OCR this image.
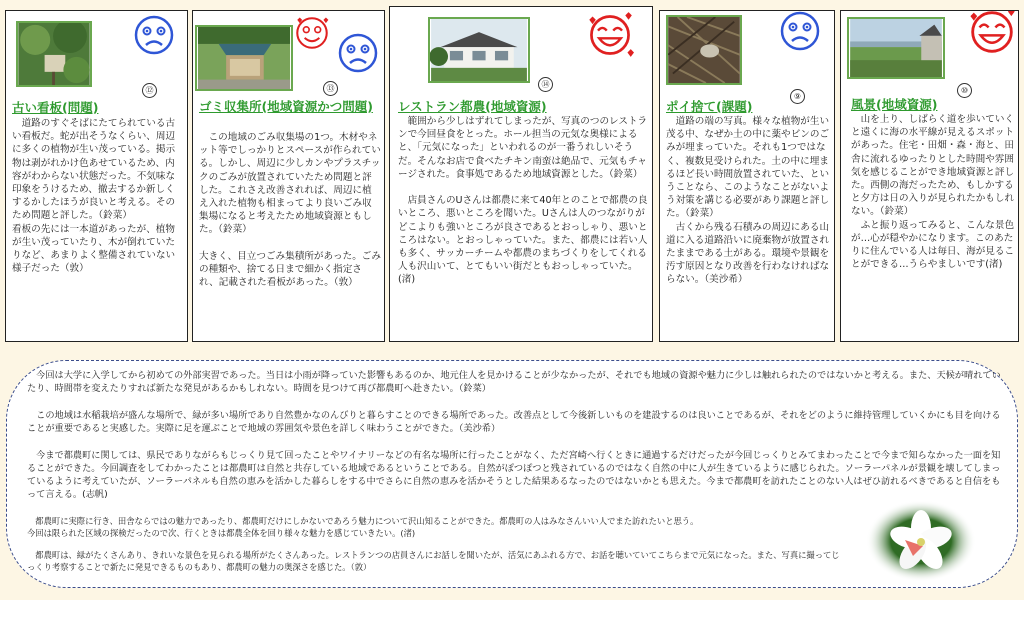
⑫
古い看板(問題)
　道路のすぐそばにたてられている古い看板だ。蛇が出そうなくらい、周辺に多くの植物が生い茂っている。掲示物は剥がれかけ色あせているため、内容がわからない状態だった。不気味な印象をうけるため、撤去するか新しくするかしたほうが良いと考える。そのため問題と評した。（鈴菜）
看板の先には一本道があったが、植物が生い茂っていたり、木が倒れていたりなど、あまりよく整備されていない様子だった（敦）
⑬
ゴミ収集所(地域資源かつ問題)
　この地域のごみ収集場の1つ。木材やネット等でしっかりとスペースが作られている。しかし、周辺に少しカンやプラスチックのごみが放置されていたため問題と評した。これさえ改善されれば、周辺に植え入れた植物も相まってより良いごみ収集場になると考えたため地域資源ともした。（鈴菜）

大きく、目立つごみ集積所があった。ごみの種類や、捨てる日まで細かく指定され、記載された看板があった。（敦）
⑭
レストラン都農(地域資源)
　範囲から少しはずれてしまったが、写真のつのレストランで今回昼食をとった。ホール担当の元気な奥様によると、「元気になった」といわれるのが一番うれしいそうだ。そんなお店で食べたチキン南蛮は絶品で、元気もチャージされた。食事処であるため地域資源とした。（鈴菜）

　店員さんのUさんは都農に来て40年とのことで都農の良いところ、悪いところを聞いた。Uさんは人のつながりがどこよりも強いところが良さであるとおっしゃり、悪いところはない。とおっしゃっていた。また、都農には若い人も多く、サッカーチームや都農のまちづくりをしてくれる人も沢山いて、とてもいい街だともおっしゃっていた。(渚)
⑨
ポイ捨て(課題)
　道路の端の写真。様々な植物が生い茂る中、なぜか土の中に薬やビンのごみが埋まっていた。それも1つではなく、複数見受けられた。土の中に埋まるほど長い時間放置されていた、ということなら、このようなことがないよう対策を講じる必要があり課題と評した。（鈴菜）
　古くから残る石積みの周辺にある山道に入る道路沿いに廃棄物が放置されたままである土がある。環境や景観を汚す原因となり改善を行わなければならない。（美沙希）
⑩
風景(地域資源)
　山を上り、しばらく道を歩いていくと遠くに海の水平線が見えるスポットがあった。住宅・田畑・森・海と、田舎に流れるゆったりとした時間や雰囲気を感じることができ地域資源と評した。西側の海だったため、もしかすると夕方は日の入りが見られたかもしれない。（鈴菜）
　ふと振り返ってみると、こんな景色が…心が穏やかになります。このあたりに住んでいる人は毎日、海が見ることができる…うらやましいです(渚)
　今回は大学に入学してから初めての外部実習であった。当日は小雨が降っていた影響もあるのか、地元住人を見かけることが少なかったが、それでも地域の資源や魅力に少しは触れられたのではないかと考える。また、天候が晴れていたり、時間帯を変えたりすれば新たな発見があるかもしれない。時間を見つけて再び都農町へ赴きたい。（鈴菜）
　この地域は水稲栽培が盛んな場所で、緑が多い場所であり自然豊かなのんびりと暮らすことのできる場所であった。改善点として今後新しいものを建設するのは良いことであるが、それをどのように維持管理していくかにも目を向けることが重要であると実感した。実際に足を運ぶことで地域の雰囲気や景色を詳しく味わうことができた。（美沙希）
　今まで都農町に関しては、県民でありながらもじっくり見て回ったことやワイナリーなどの有名な場所に行ったことがなく、ただ宮崎へ行くときに通過するだけだったが今回じっくりとみてまわったことで今まで知らなかった一面を知ることができた。今回調査をしてわかったことは都農町は自然と共存している地域であるということである。自然がぽつぽつと残されているのではなく自然の中に人が生きているように感じられた。ソーラーパネルが景観を壊してしまっているように考えていたが、ソーラーパネルも自然の恵みを活かした暮らしをする中でさらに自然の恵みを活かそうとした結果あるなったのではないかとも思えた。今まで都農町を訪れたことのない人はぜひ訪れるべきであると自信をもって言える。(志帆)
　都農町に実際に行き、田舎ならではの魅力であったり、都農町だけにしかないであろう魅力について沢山知ることができた。都農町の人はみなさんいい人でまた訪れたいと思う。
今回は限られた区域の探検だったので次、行くときは都農全体を回り様々な魅力を感じていきたい。(渚)
　都農町は、緑がたくさんあり、きれいな景色を見られる場所がたくさんあった。レストランつの店員さんにお話しを聞いたが、活気にあふれる方で、お話を聴いていてこちらまで元気になった。また、写真に撮ってじっくり考察することで新たに発見できるものもあり、都農町の魅力の奥深さを感じた。（敦）
